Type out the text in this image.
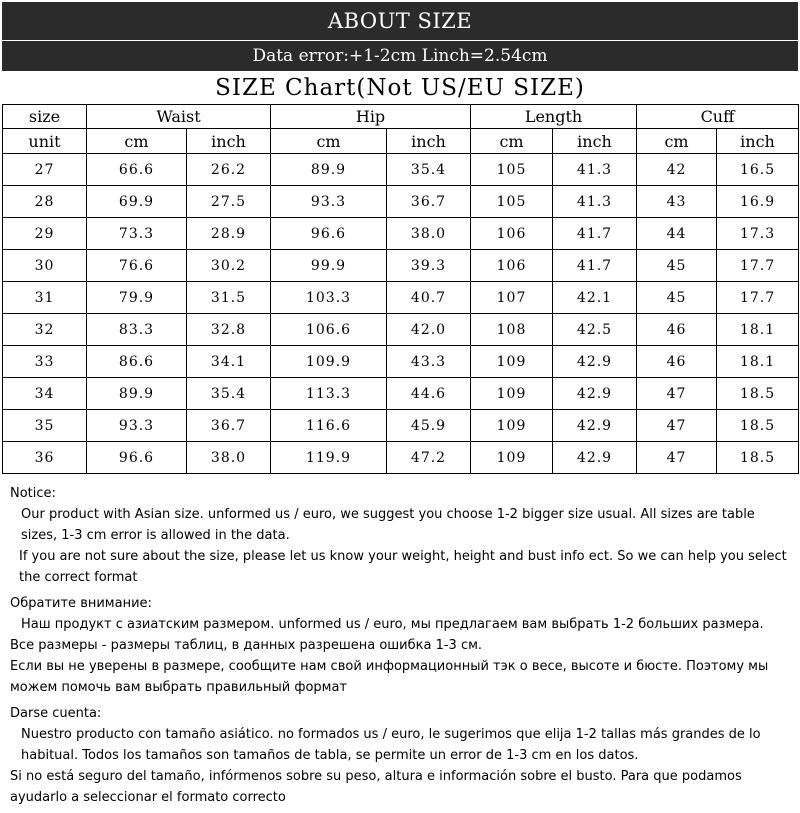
ABOUT SIZE
Data error:+1-2cm Linch=2.54cm
SIZE Chart(Not US/EU SIZE)
size	Waist		Hip		Length		Cuff	
unit	cm	inch	cm	inch	cm	inch	cm	inch
27	66.6	26.2	89.9	35.4	105	41.3	42	16.5
28	69.9	27.5	93.3	36.7	105	41.3	43	16.9
29	73.3	28.9	96.6	38.0	106	41.7	44	17.3
30	76.6	30.2	99.9	39.3	106	41.7	45	17.7
31	79.9	31.5	103.3	40.7	107	42.1	45	17.7
32	83.3	32.8	106.6	42.0	108	42.5	46	18.1
33	86.6	34.1	109.9	43.3	109	42.9	46	18.1
34	89.9	35.4	113.3	44.6	109	42.9	47	18.5
35	93.3	36.7	116.6	45.9	109	42.9	47	18.5
36	96.6	38.0	119.9	47.2	109	42.9	47	18.5

Notice:

Our product with Asian size. unformed us / euro, we suggest you choose 1-2 bigger size usual. All sizes are table sizes, 1-3 cm error is allowed in the data.

If you are not sure about the size, please let us know your weight, height and bust info ect. So we can help you select the correct format

Обратите внимание:

Наш продукт с азиатским размером. unformed us / euro, мы предлагаем вам выбрать 1-2 больших размера.

Все размеры - размеры таблиц, в данных разрешена ошибка 1-3 см.

Если вы не уверены в размере, сообщите нам свой информационный тэк о весе, высоте и бюсте. Поэтому мы можем помочь вам выбрать правильный формат

Darse cuenta:

Nuestro producto con tamaño asiático. no formados us / euro, le sugerimos que elija 1-2 tallas más grandes de lo habitual. Todos los tamaños son tamaños de tabla, se permite un error de 1-3 cm en los datos.

Si no está seguro del tamaño, infórmenos sobre su peso, altura e información sobre el busto. Para que podamos ayudarlo a seleccionar el formato correcto
